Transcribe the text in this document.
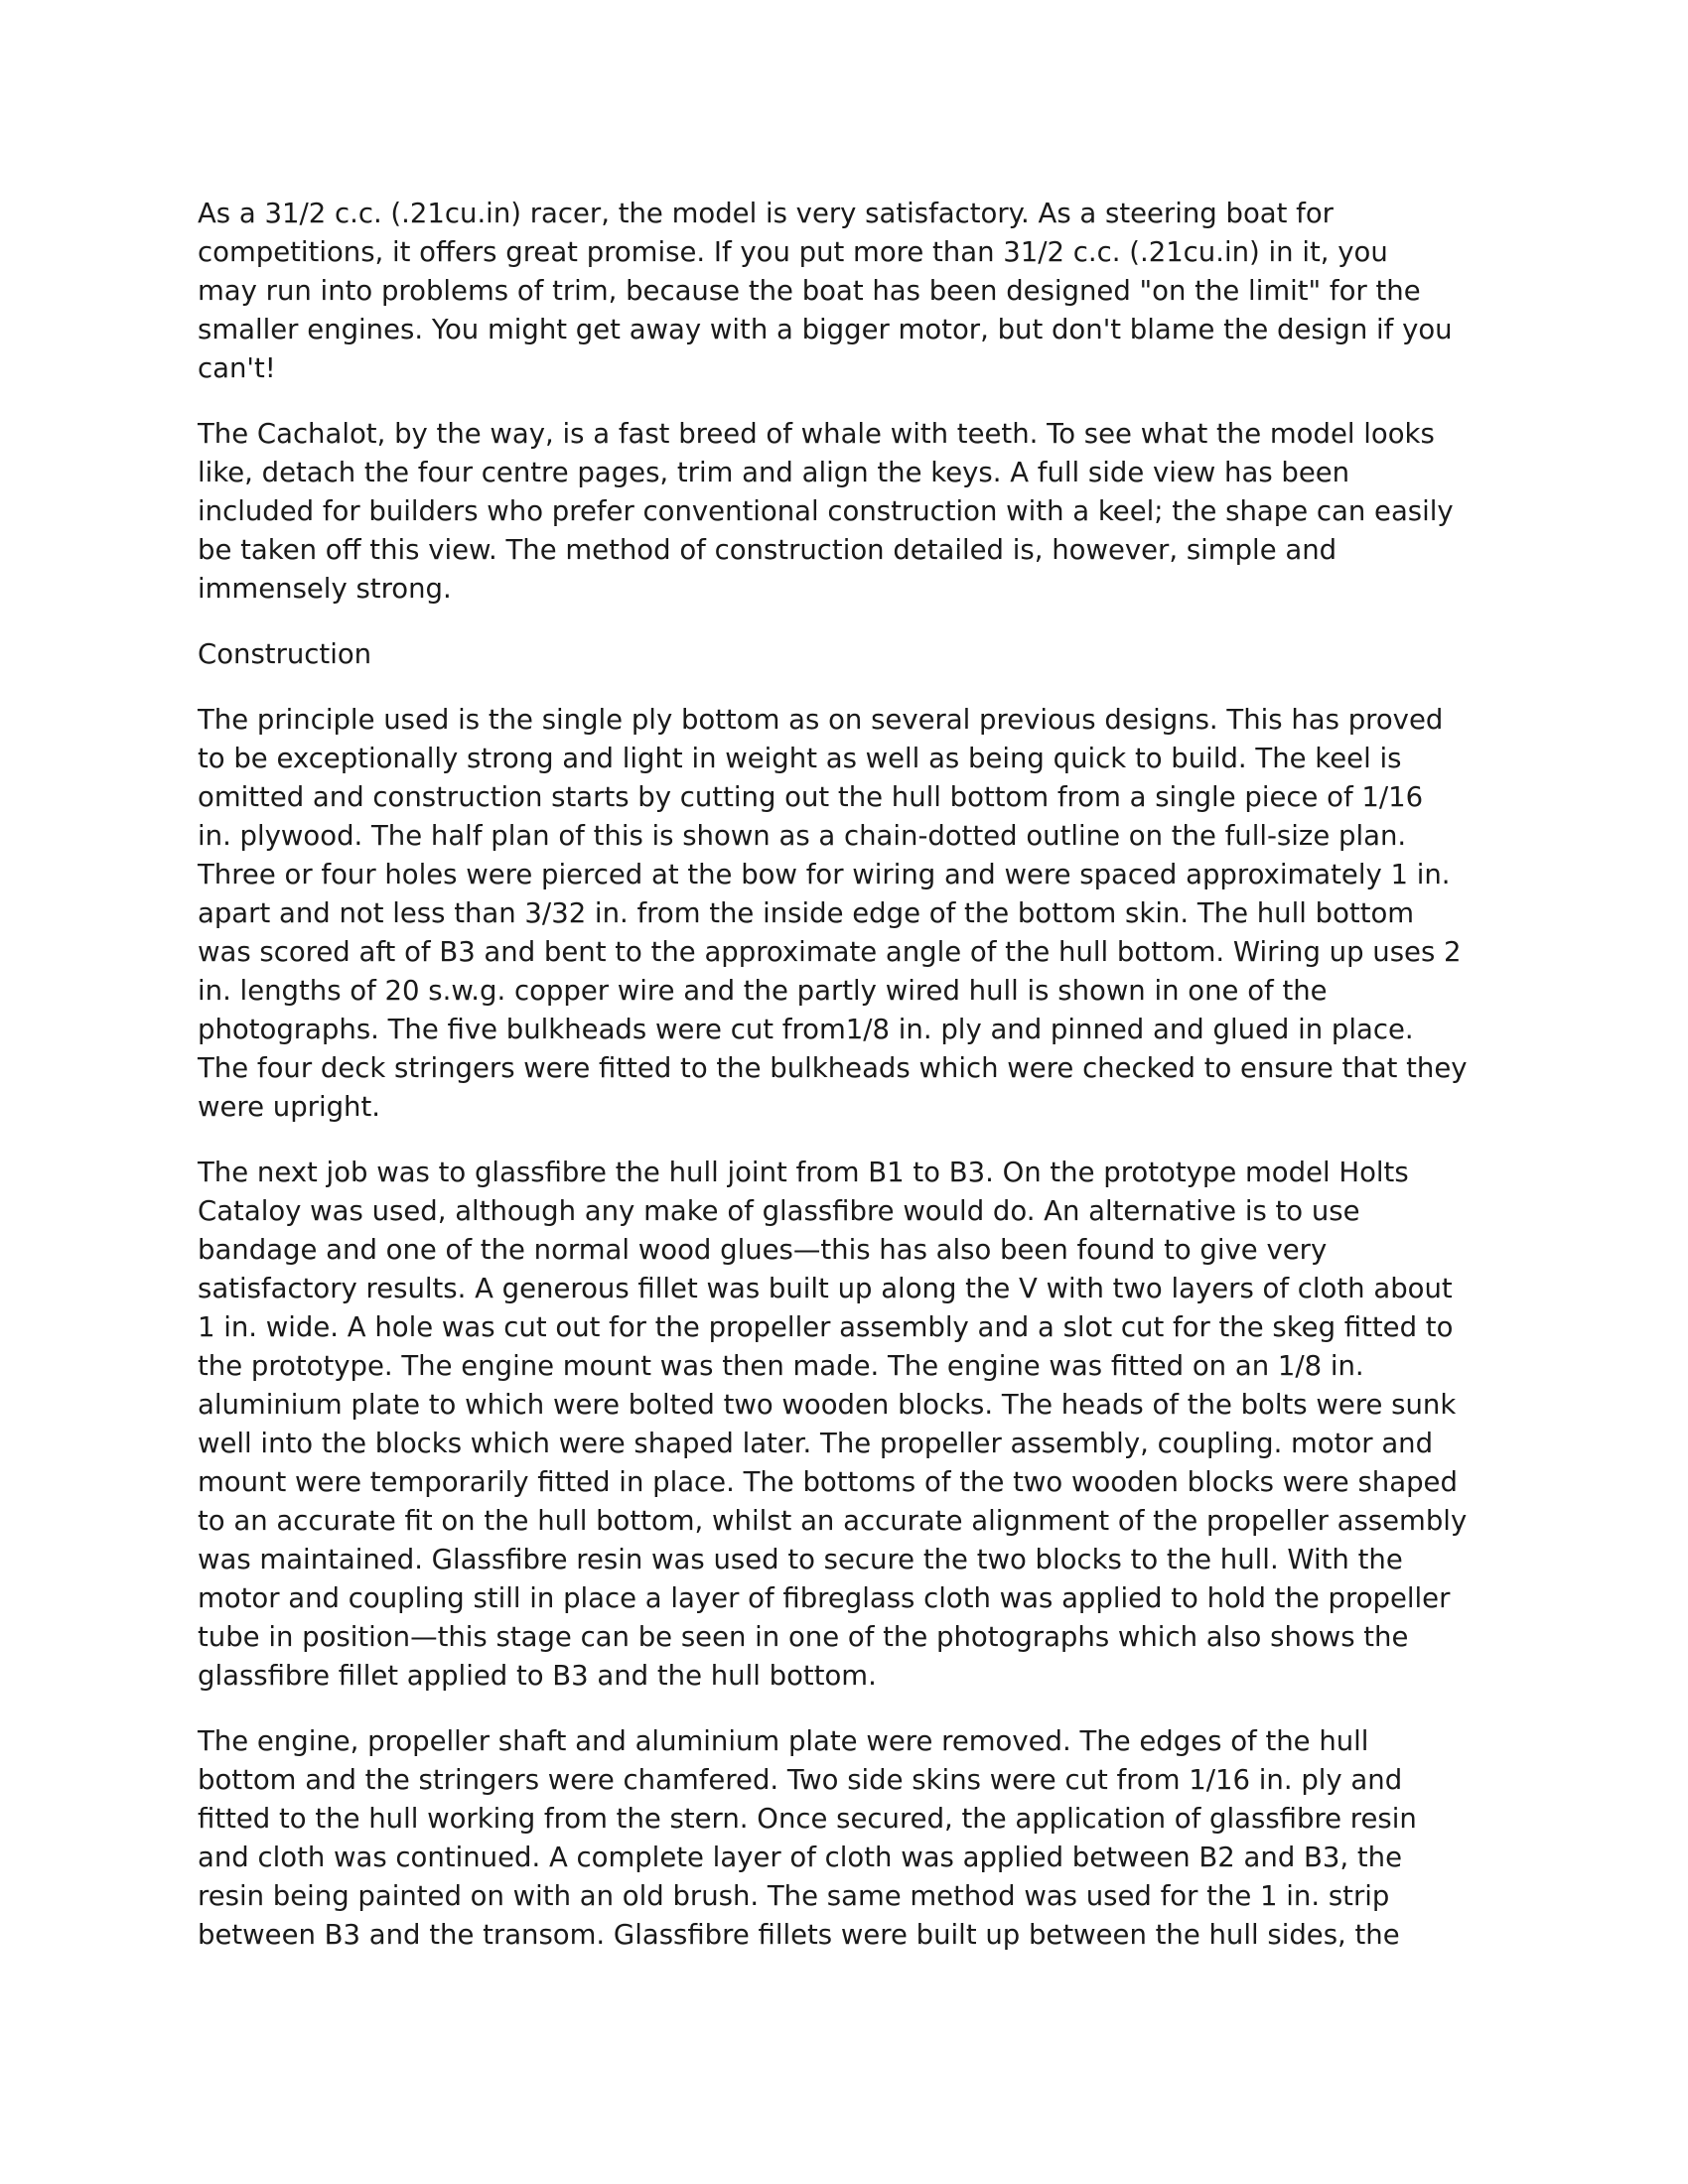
As a 31/2 c.c. (.21cu.in) racer, the model is very satisfactory. As a steering boat for
competitions, it offers great promise. If you put more than 31/2 c.c. (.21cu.in) in it, you
may run into problems of trim, because the boat has been designed "on the limit" for the
smaller engines. You might get away with a bigger motor, but don't blame the design if you
can't!

The Cachalot, by the way, is a fast breed of whale with teeth. To see what the model looks
like, detach the four centre pages, trim and align the keys. A full side view has been
included for builders who prefer conventional construction with a keel; the shape can easily
be taken off this view. The method of construction detailed is, however, simple and
immensely strong.

Construction

The principle used is the single ply bottom as on several previous designs. This has proved
to be exceptionally strong and light in weight as well as being quick to build. The keel is
omitted and construction starts by cutting out the hull bottom from a single piece of 1/16
in. plywood. The half plan of this is shown as a chain-dotted outline on the full-size plan.
Three or four holes were pierced at the bow for wiring and were spaced approximately 1 in.
apart and not less than 3/32 in. from the inside edge of the bottom skin. The hull bottom
was scored aft of B3 and bent to the approximate angle of the hull bottom. Wiring up uses 2
in. lengths of 20 s.w.g. copper wire and the partly wired hull is shown in one of the
photographs. The five bulkheads were cut from1/8 in. ply and pinned and glued in place.
The four deck stringers were fitted to the bulkheads which were checked to ensure that they
were upright.

The next job was to glassfibre the hull joint from B1 to B3. On the prototype model Holts
Cataloy was used, although any make of glassfibre would do. An alternative is to use
bandage and one of the normal wood glues—this has also been found to give very
satisfactory results. A generous fillet was built up along the V with two layers of cloth about
1 in. wide. A hole was cut out for the propeller assembly and a slot cut for the skeg fitted to
the prototype. The engine mount was then made. The engine was fitted on an 1/8 in.
aluminium plate to which were bolted two wooden blocks. The heads of the bolts were sunk
well into the blocks which were shaped later. The propeller assembly, coupling. motor and
mount were temporarily fitted in place. The bottoms of the two wooden blocks were shaped
to an accurate fit on the hull bottom, whilst an accurate alignment of the propeller assembly
was maintained. Glassfibre resin was used to secure the two blocks to the hull. With the
motor and coupling still in place a layer of fibreglass cloth was applied to hold the propeller
tube in position—this stage can be seen in one of the photographs which also shows the
glassfibre fillet applied to B3 and the hull bottom.

The engine, propeller shaft and aluminium plate were removed. The edges of the hull
bottom and the stringers were chamfered. Two side skins were cut from 1/16 in. ply and
fitted to the hull working from the stern. Once secured, the application of glassfibre resin
and cloth was continued. A complete layer of cloth was applied between B2 and B3, the
resin being painted on with an old brush. The same method was used for the 1 in. strip
between B3 and the transom. Glassfibre fillets were built up between the hull sides, the
